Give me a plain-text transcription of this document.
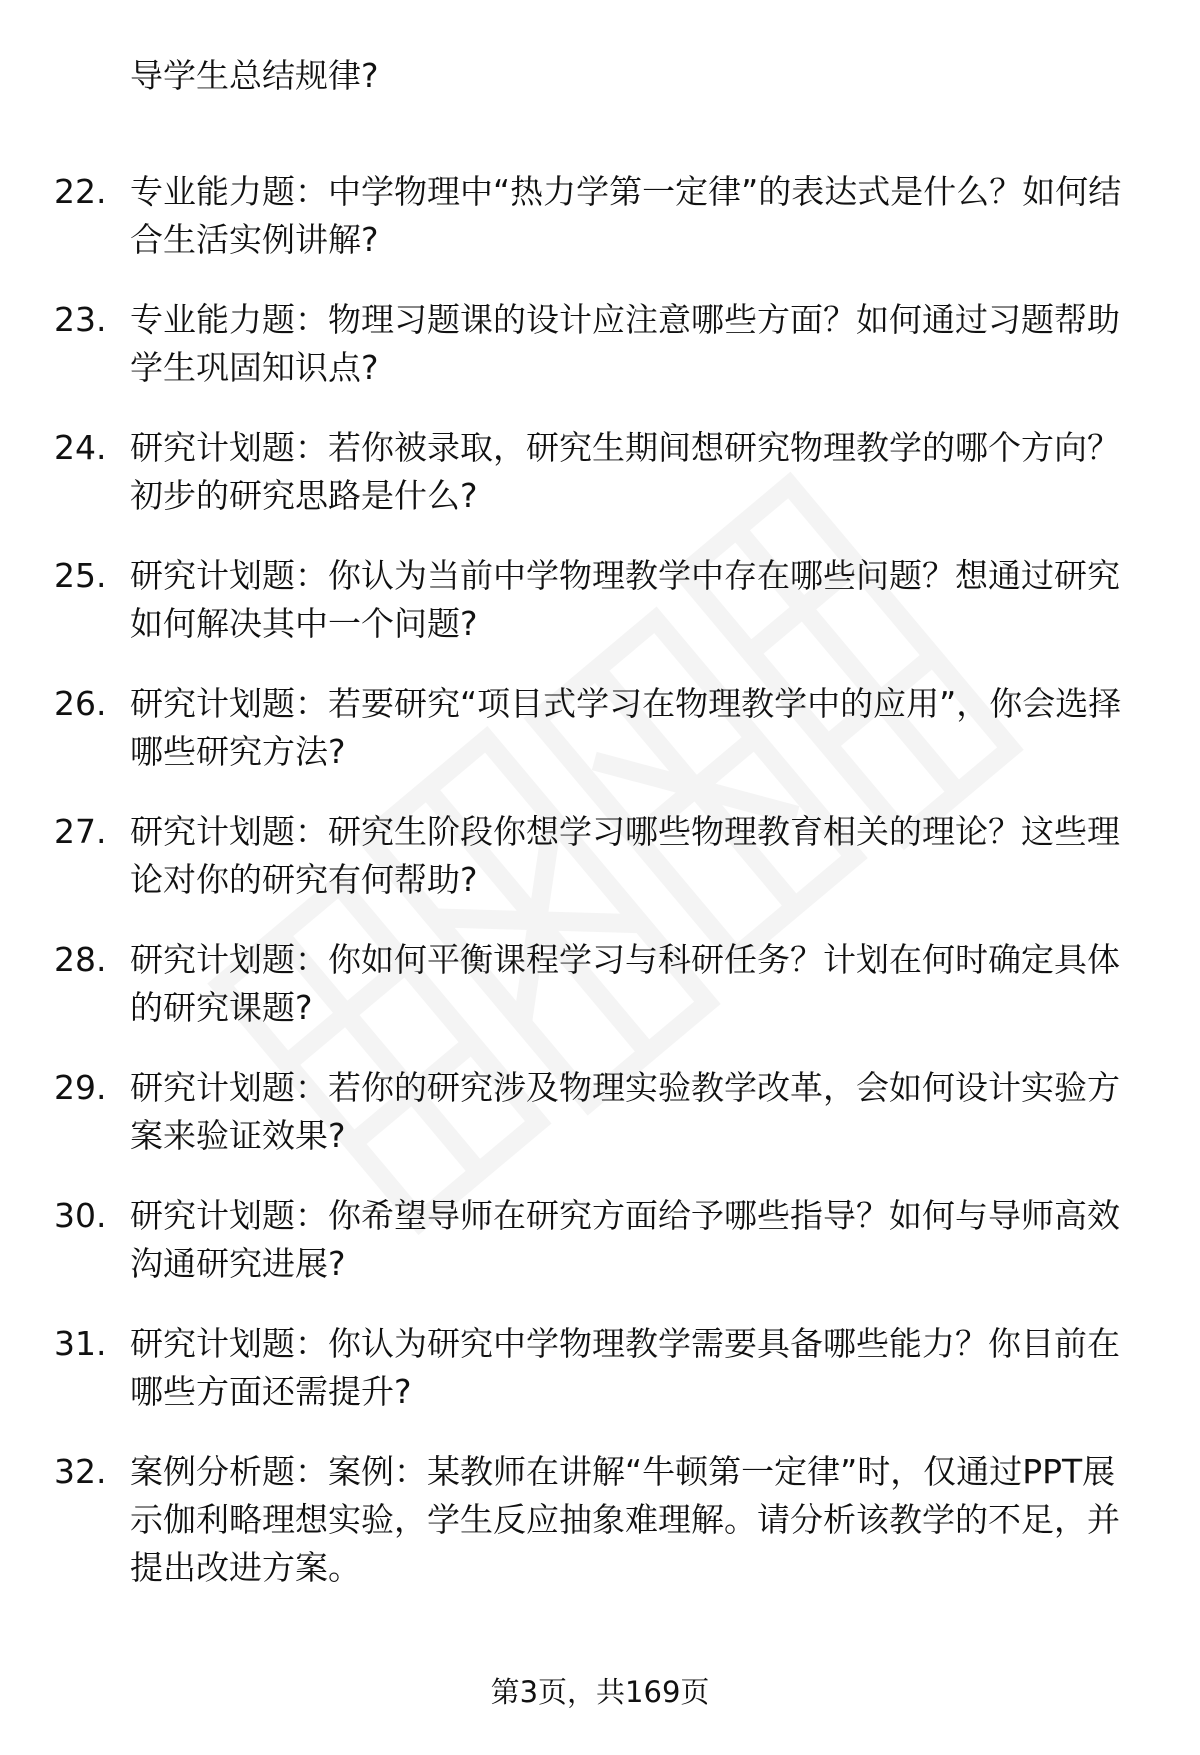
导学生总结规律?
22. 专业能力题：中学物理中“热力学第一定律”的表达式是什么？如何结合生活实例讲解?
23. 专业能力题：物理习题课的设计应注意哪些方面？如何通过习题帮助学生巩固知识点?
24. 研究计划题：若你被录取，研究生期间想研究物理教学的哪个方向？初步的研究思路是什么?
25. 研究计划题：你认为当前中学物理教学中存在哪些问题？想通过研究如何解决其中一个问题?
26. 研究计划题：若要研究“项目式学习在物理教学中的应用”，你会选择哪些研究方法?
27. 研究计划题：研究生阶段你想学习哪些物理教育相关的理论？这些理论对你的研究有何帮助?
28. 研究计划题：你如何平衡课程学习与科研任务？计划在何时确定具体的研究课题?
29. 研究计划题：若你的研究涉及物理实验教学改革，会如何设计实验方案来验证效果?
30. 研究计划题：你希望导师在研究方面给予哪些指导？如何与导师高效沟通研究进展?
31. 研究计划题：你认为研究中学物理教学需要具备哪些能力？你目前在哪些方面还需提升?
32. 案例分析题：案例：某教师在讲解“牛顿第一定律”时，仅通过PPT展示伽利略理想实验，学生反应抽象难理解。请分析该教学的不足，并提出改进方案。
第3页，共169页
